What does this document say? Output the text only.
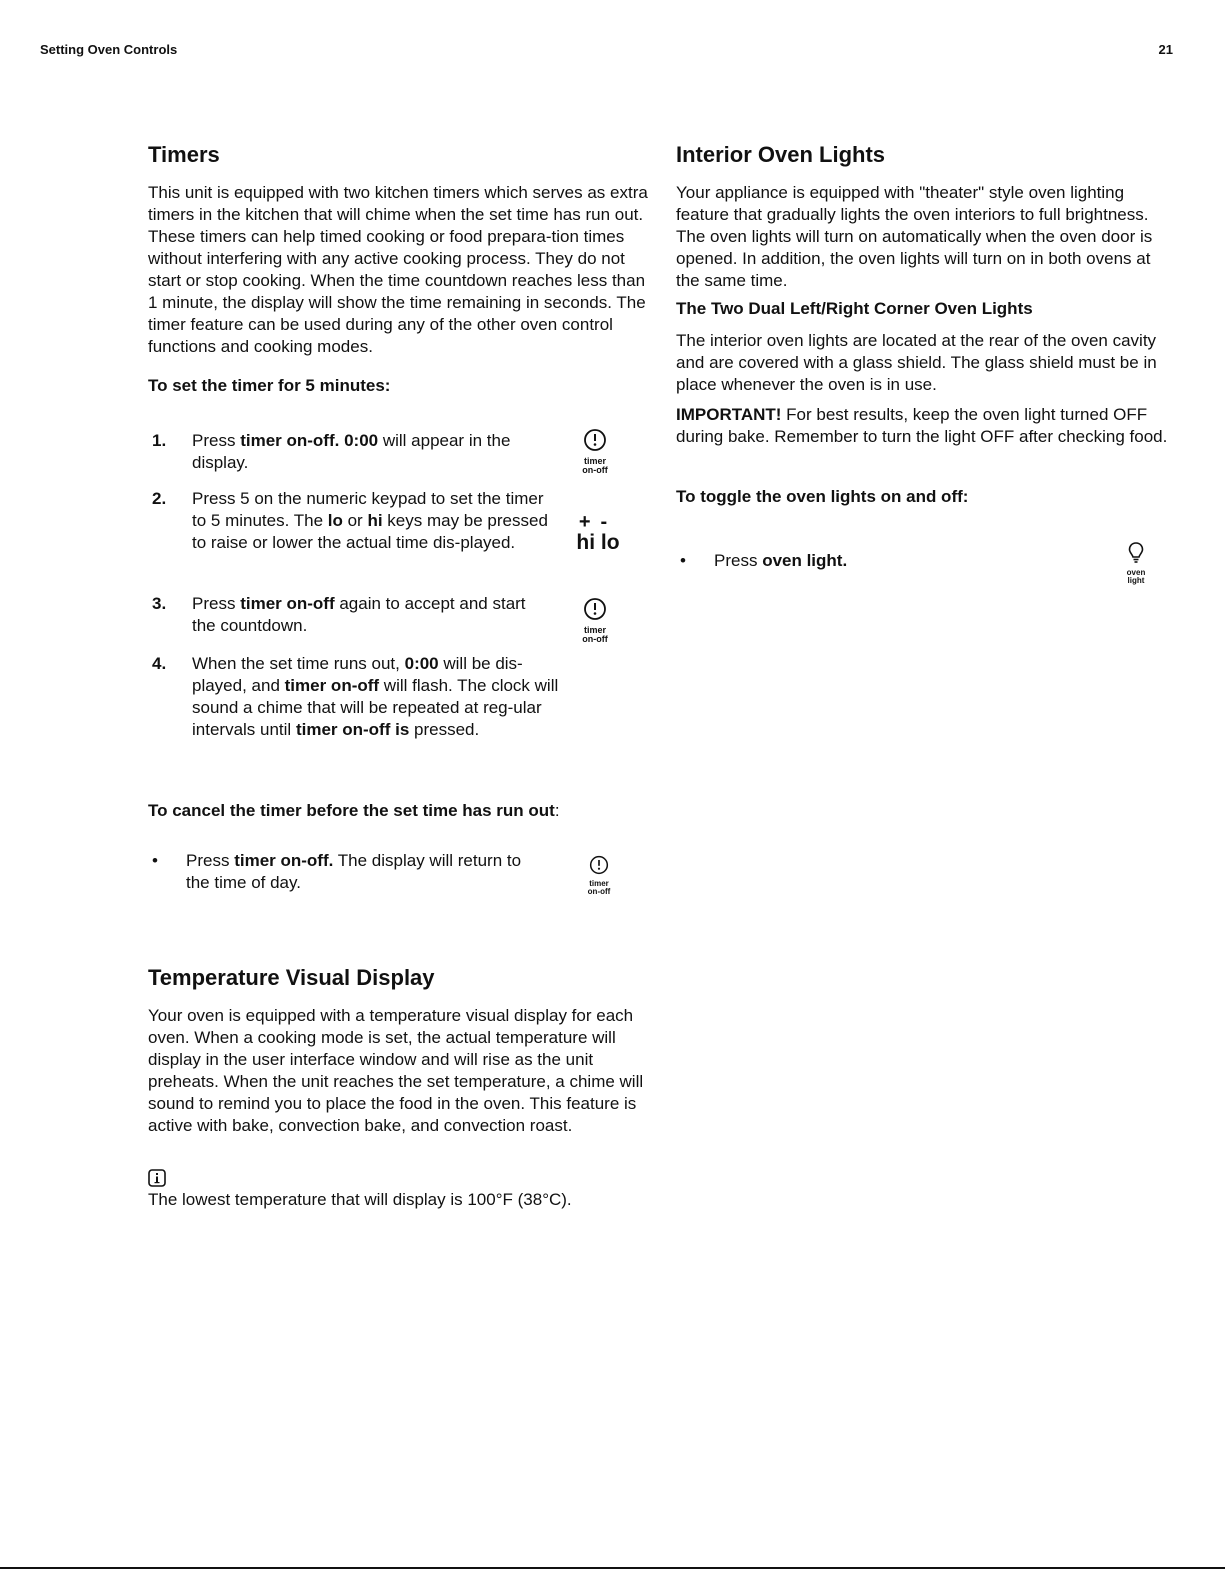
Setting Oven Controls	21
Timers

This unit is equipped with two kitchen timers which serves as extra timers in the kitchen that will chime when the set time has run out. These timers can help timed cooking or food prepara-tion times without interfering with any active cooking process. They do not start or stop cooking. When the time countdown reaches less than 1 minute, the display will show the time remaining in seconds. The timer feature can be used during any of the other oven control functions and cooking modes.

To set the timer for 5 minutes:

1. Press timer on-off. 0:00 will appear in the display.	timer
on-off
2. Press 5 on the numeric keypad to set the timer to 5 minutes. The lo or hi keys may be pressed to raise or lower the actual time dis-played.
+-
hi lo
3. Press timer on-off again to accept and start the countdown.	timer
on-off
4. When the set time runs out, 0:00 will be dis-played, and timer on-off will flash. The clock will sound a chime that will be repeated at reg-ular intervals until timer on-off is pressed.

To cancel the timer before the set time has run out:

• Press timer on-off. The display will return to the time of day.	timer
on-off
Temperature Visual Display

Your oven is equipped with a temperature visual display for each oven. When a cooking mode is set, the actual temperature will display in the user interface window and will rise as the unit preheats. When the unit reaches the set temperature, a chime will sound to remind you to place the food in the oven. This feature is active with bake, convection bake, and convection roast.

The lowest temperature that will display is 100°F (38°C).

Interior Oven Lights

Your appliance is equipped with "theater" style oven lighting feature that gradually lights the oven interiors to full brightness. The oven lights will turn on automatically when the oven door is opened. In addition, the oven lights will turn on in both ovens at the same time.

The Two Dual Left/Right Corner Oven Lights

The interior oven lights are located at the rear of the oven cavity and are covered with a glass shield. The glass shield must be in place whenever the oven is in use.

IMPORTANT! For best results, keep the oven light turned OFF during bake. Remember to turn the light OFF after checking food.

To toggle the oven lights on and off:

• Press oven light.
oven
light
